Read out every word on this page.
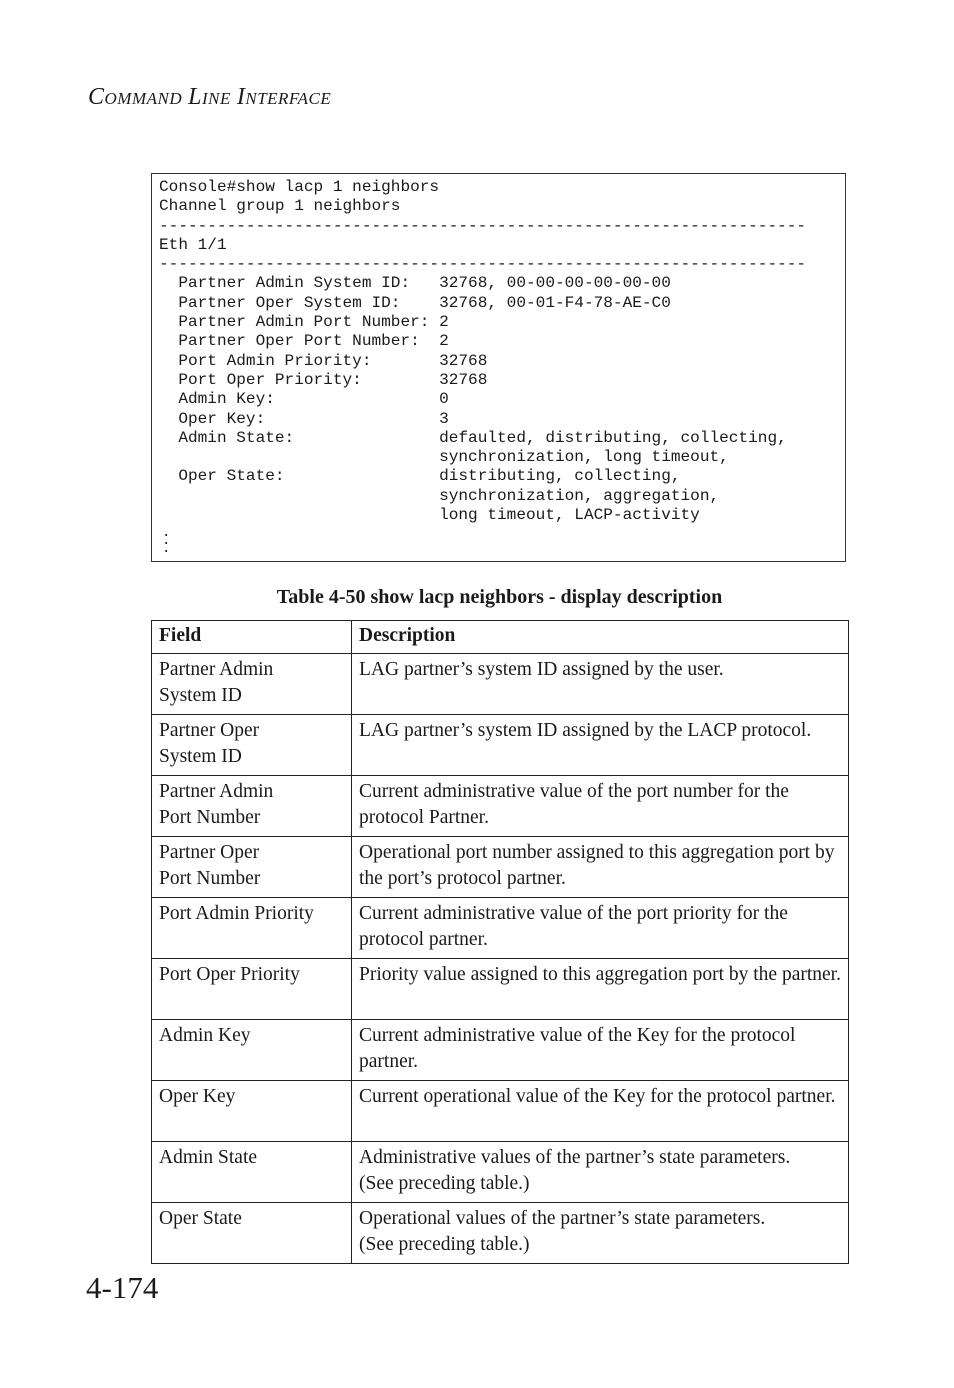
COMMAND LINE INTERFACE
Console#show lacp 1 neighbors
Channel group 1 neighbors
-------------------------------------------------------------------
Eth 1/1
-------------------------------------------------------------------
Partner Admin System ID:   32768, 00-00-00-00-00-00
Partner Oper System ID:    32768, 00-01-F4-78-AE-C0
Partner Admin Port Number: 2
Partner Oper Port Number:  2
Port Admin Priority:       32768
Port Oper Priority:        32768
Admin Key:                 0
Oper Key:                  3
Admin State:               defaulted, distributing, collecting,
synchronization, long timeout,
Oper State:                distributing, collecting,
synchronization, aggregation,
long timeout, LACP-activity
.
.
.
Table 4-50 show lacp neighbors - display description
Field	Description
Partner Admin
System ID	LAG partner’s system ID assigned by the user.
Partner Oper
System ID	LAG partner’s system ID assigned by the LACP protocol.
Partner Admin
Port Number	Current administrative value of the port number for the protocol Partner.
Partner Oper
Port Number	Operational port number assigned to this aggregation port by the port’s protocol partner.
Port Admin Priority	Current administrative value of the port priority for the protocol partner.
Port Oper Priority	Priority value assigned to this aggregation port by the partner.
Admin Key	Current administrative value of the Key for the protocol partner.
Oper Key	Current operational value of the Key for the protocol partner.
Admin State	Administrative values of the partner’s state parameters.
(See preceding table.)
Oper State	Operational values of the partner’s state parameters.
(See preceding table.)
4-174
